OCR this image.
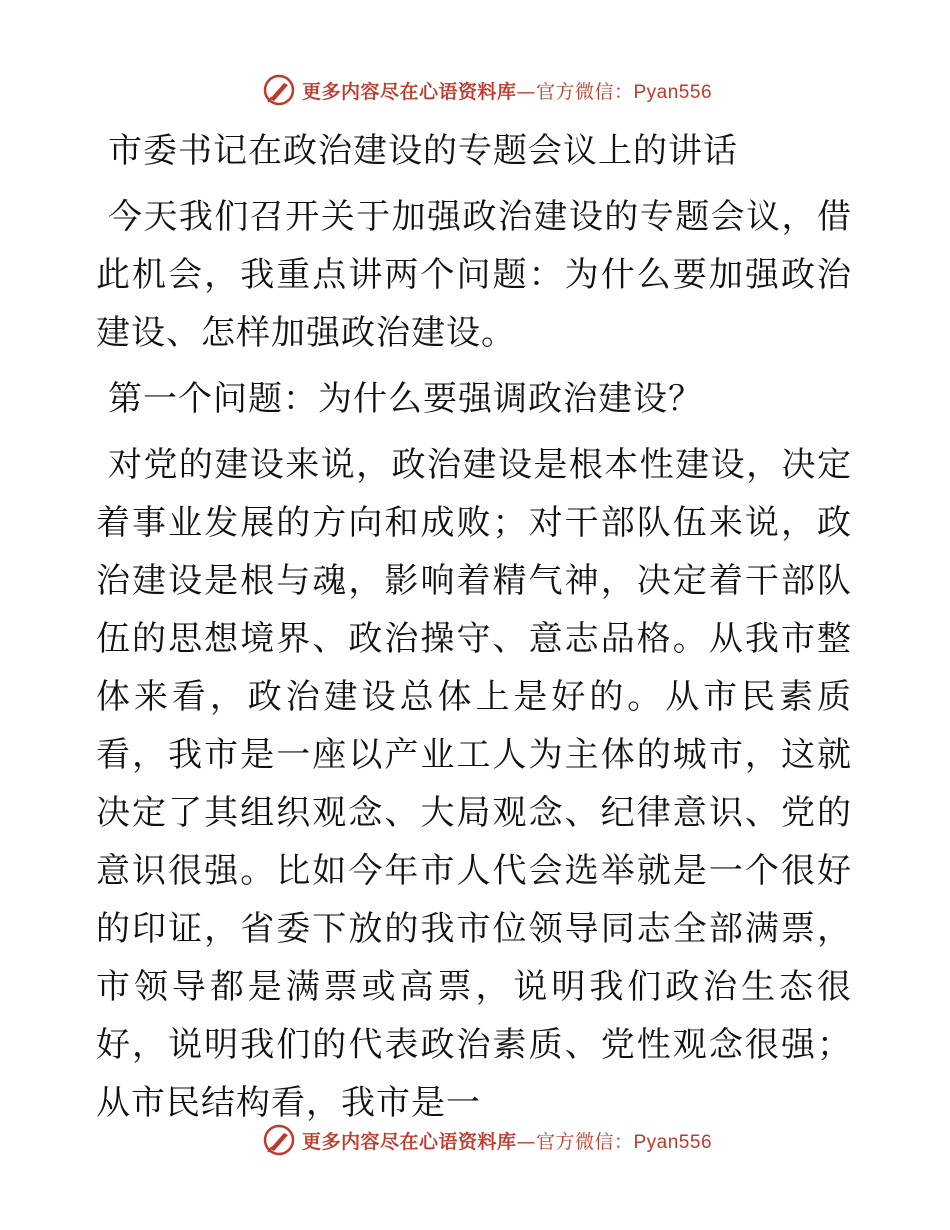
更多内容尽在心语资料库—官方微信：Pyan556

市委书记在政治建设的专题会议上的讲话

今天我们召开关于加强政治建设的专题会议，借此机会，我重点讲两个问题：为什么要加强政治建设、怎样加强政治建设。

第一个问题：为什么要强调政治建设？

对党的建设来说，政治建设是根本性建设，决定着事业发展的方向和成败；对干部队伍来说，政治建设是根与魂，影响着精气神，决定着干部队伍的思想境界、政治操守、意志品格。从我市整体来看，政治建设总体上是好的。从市民素质看，我市是一座以产业工人为主体的城市，这就决定了其组织观念、大局观念、纪律意识、党的意识很强。比如今年市人代会选举就是一个很好的印证，省委下放的我市位领导同志全部满票，市领导都是满票或高票，说明我们政治生态很好，说明我们的代表政治素质、党性观念很强；从市民结构看，我市是一

更多内容尽在心语资料库—官方微信：Pyan556
